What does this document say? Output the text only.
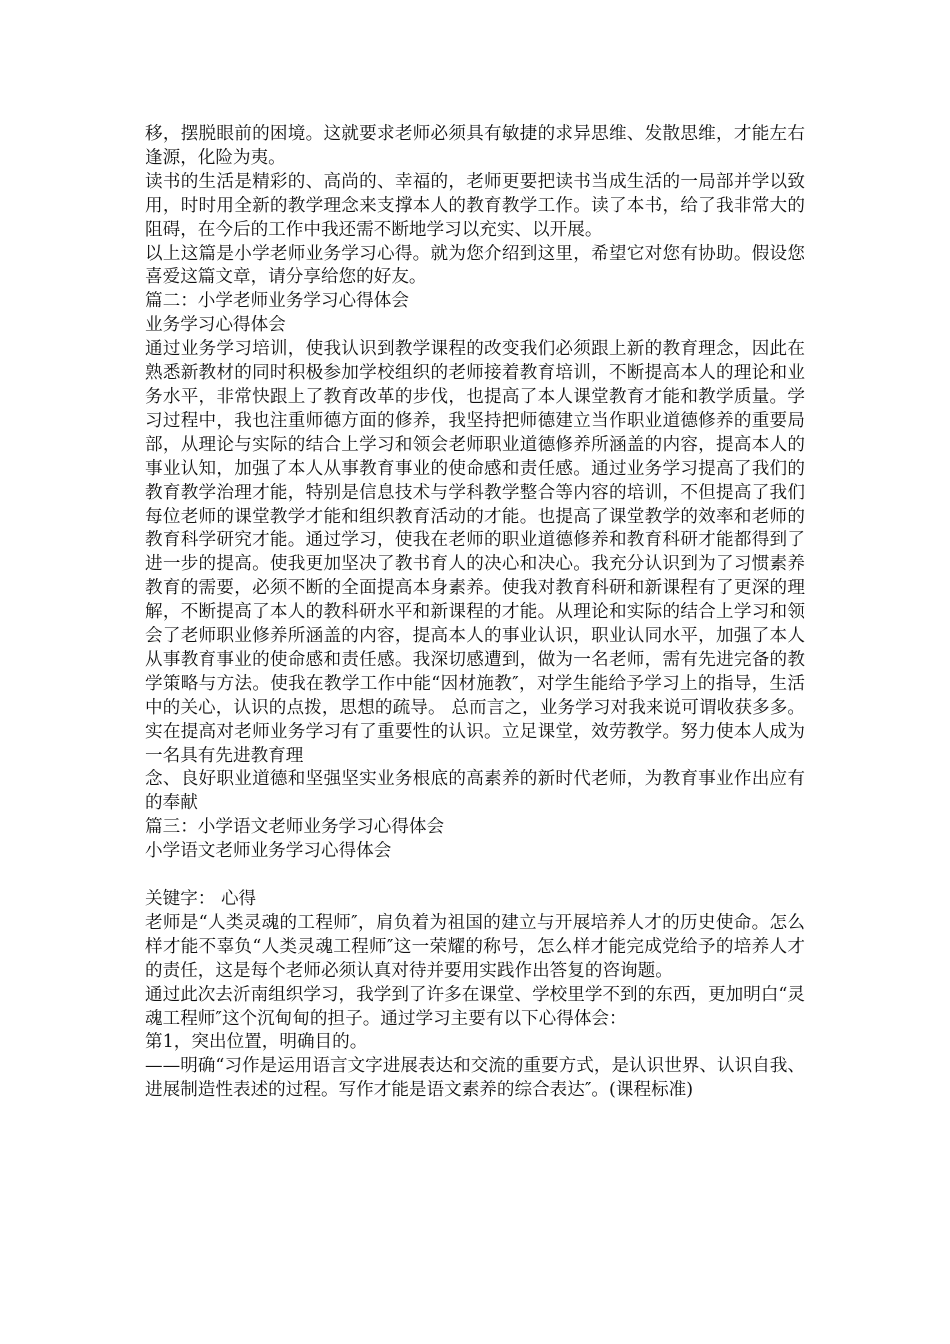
移，摆脱眼前的困境。这就要求老师必须具有敏捷的求异思维、发散思维，才能左右逢源，化险为夷。

读书的生活是精彩的、高尚的、幸福的，老师更要把读书当成生活的一局部并学以致用，时时用全新的教学理念来支撑本人的教育教学工作。读了本书，给了我非常大的阻碍，在今后的工作中我还需不断地学习以充实、以开展。

以上这篇是小学老师业务学习心得。就为您介绍到这里，希望它对您有协助。假设您喜爱这篇文章，请分享给您的好友。

篇二：小学老师业务学习心得体会

业务学习心得体会

通过业务学习培训，使我认识到教学课程的改变我们必须跟上新的教育理念，因此在熟悉新教材的同时积极参加学校组织的老师接着教育培训，不断提高本人的理论和业务水平，非常快跟上了教育改革的步伐，也提高了本人课堂教育才能和教学质量。学习过程中，我也注重师德方面的修养，我坚持把师德建立当作职业道德修养的重要局部，从理论与实际的结合上学习和领会老师职业道德修养所涵盖的内容，提高本人的事业认知，加强了本人从事教育事业的使命感和责任感。通过业务学习提高了我们的教育教学治理才能，特别是信息技术与学科教学整合等内容的培训，不但提高了我们每位老师的课堂教学才能和组织教育活动的才能。也提高了课堂教学的效率和老师的教育科学研究才能。通过学习，使我在老师的职业道德修养和教育科研才能都得到了进一步的提高。使我更加坚决了教书育人的决心和决心。我充分认识到为了习惯素养教育的需要，必须不断的全面提高本身素养。使我对教育科研和新课程有了更深的理解，不断提高了本人的教科研水平和新课程的才能。从理论和实际的结合上学习和领会了老师职业修养所涵盖的内容，提高本人的事业认识，职业认同水平，加强了本人从事教育事业的使命感和责任感。我深切感遭到，做为一名老师，需有先进完备的教学策略与方法。使我在教学工作中能“因材施教″，对学生能给予学习上的指导，生活中的关心，认识的点拨，思想的疏导。 总而言之，业务学习对我来说可谓收获多多。实在提高对老师业务学习有了重要性的认识。立足课堂，效劳教学。努力使本人成为一名具有先进教育理

念、良好职业道德和坚强坚实业务根底的高素养的新时代老师，为教育事业作出应有的奉献

篇三：小学语文老师业务学习心得体会

小学语文老师业务学习心得体会

关键字： 心得

老师是“人类灵魂的工程师″，肩负着为祖国的建立与开展培养人才的历史使命。怎么样才能不辜负“人类灵魂工程师″这一荣耀的称号，怎么样才能完成党给予的培养人才的责任，这是每个老师必须认真对待并要用实践作出答复的咨询题。

通过此次去沂南组织学习，我学到了许多在课堂、学校里学不到的东西，更加明白“灵魂工程师″这个沉甸甸的担子。通过学习主要有以下心得体会：

第1，突出位置，明确目的。

——明确“习作是运用语言文字进展表达和交流的重要方式，是认识世界、认识自我、进展制造性表述的过程。写作才能是语文素养的综合表达″。(课程标准)
